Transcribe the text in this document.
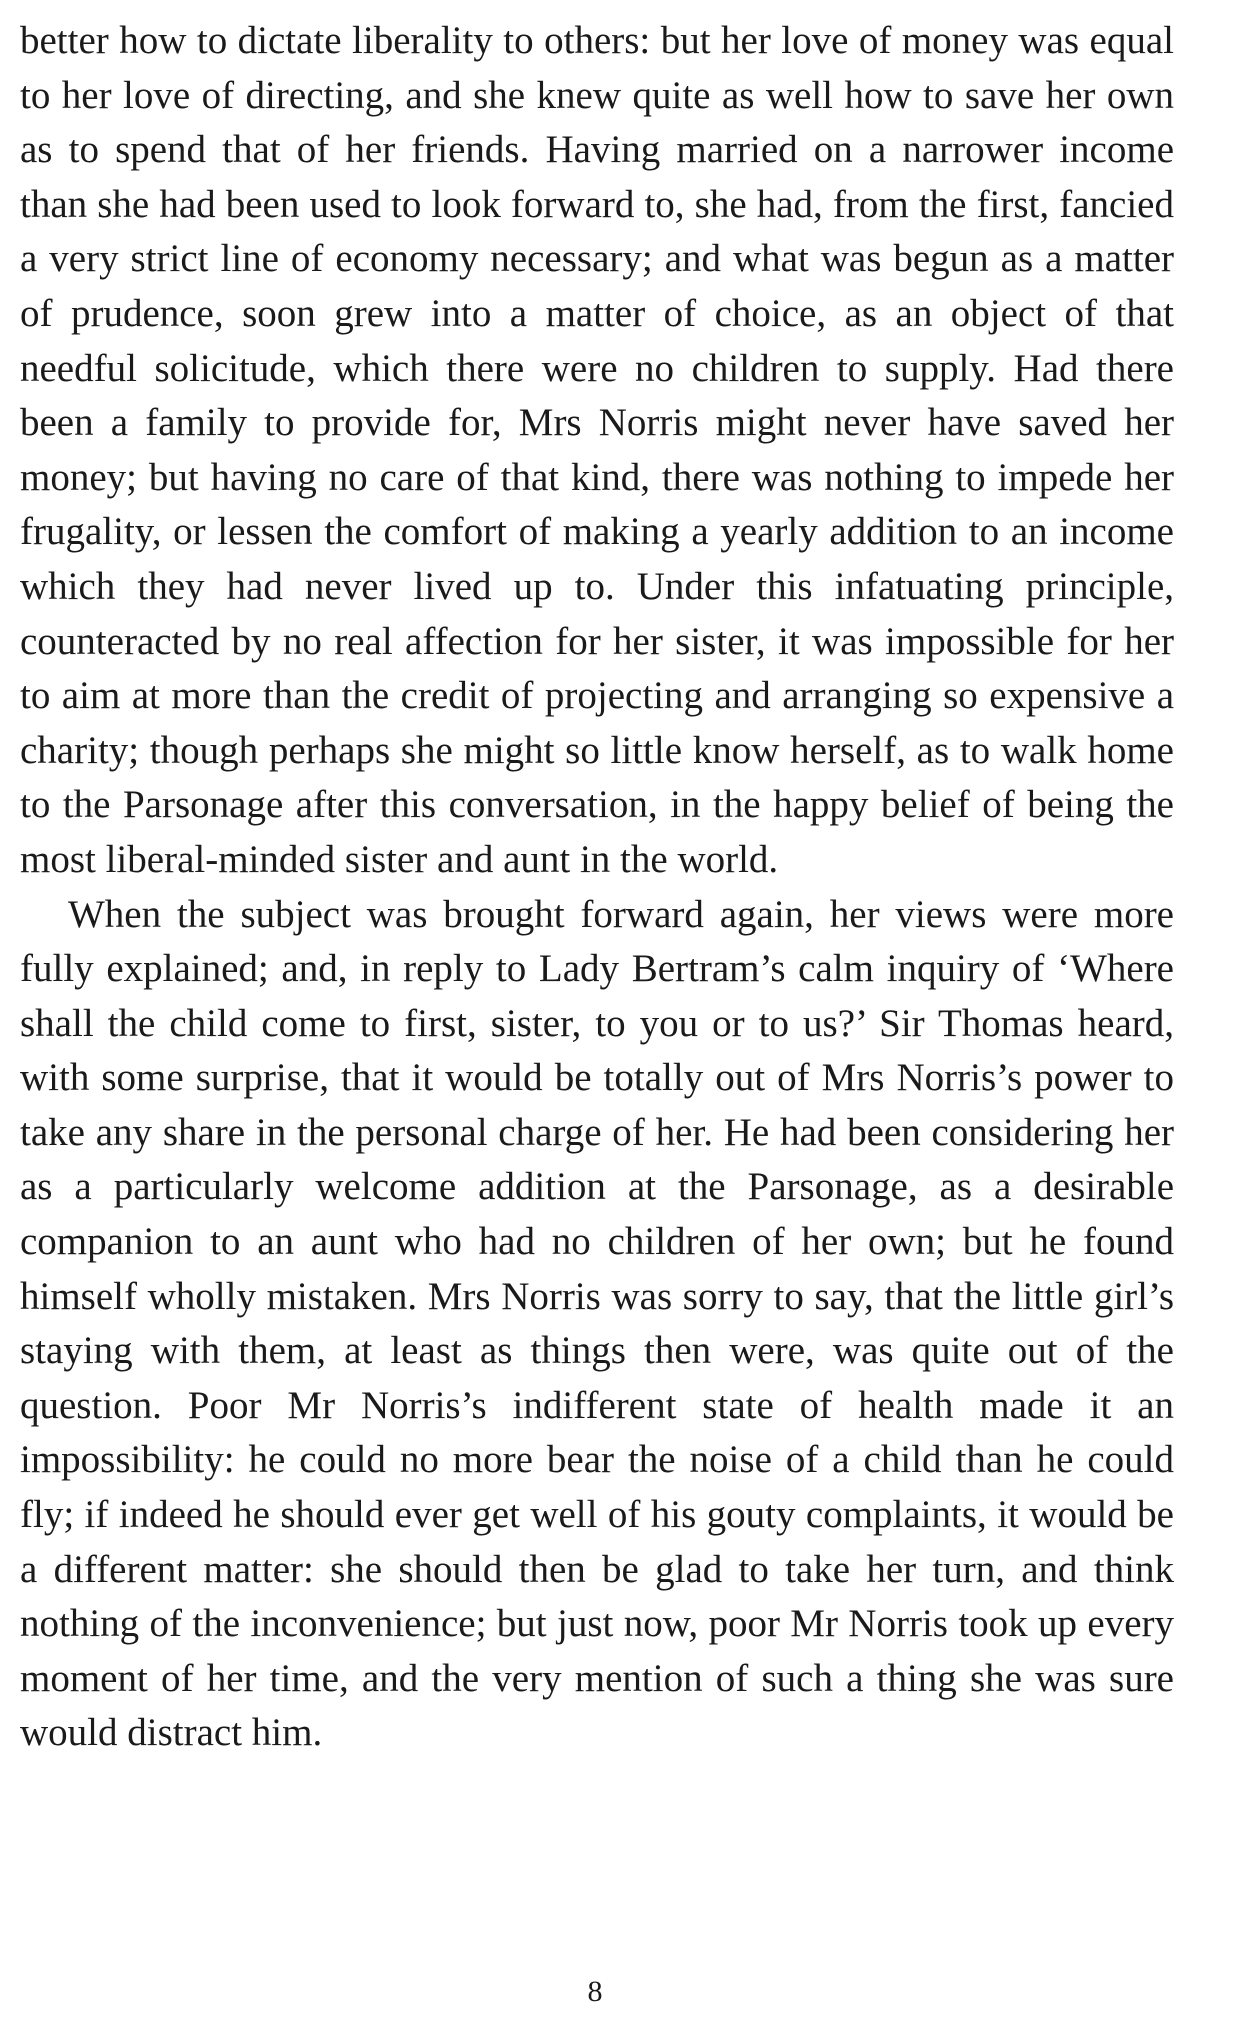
better how to dictate liberality to others: but her love of money was equal to her love of directing, and she knew quite as well how to save her own as to spend that of her friends. Having married on a narrower income than she had been used to look forward to, she had, from the first, fancied a very strict line of economy necessary; and what was begun as a matter of prudence, soon grew into a matter of choice, as an object of that needful solicitude, which there were no children to supply. Had there been a family to provide for, Mrs Norris might never have saved her money; but having no care of that kind, there was nothing to impede her frugality, or lessen the comfort of making a yearly addition to an income which they had never lived up to. Under this infatuating principle, counteracted by no real affection for her sister, it was impossible for her to aim at more than the credit of projecting and arranging so expensive a charity; though perhaps she might so little know herself, as to walk home to the Parsonage after this conversation, in the happy belief of being the most liberal-minded sister and aunt in the world.

When the subject was brought forward again, her views were more fully explained; and, in reply to Lady Bertram’s calm inquiry of ‘Where shall the child come to first, sister, to you or to us?’ Sir Thomas heard, with some surprise, that it would be totally out of Mrs Norris’s power to take any share in the personal charge of her. He had been considering her as a particularly welcome addition at the Parsonage, as a desirable companion to an aunt who had no children of her own; but he found himself wholly mistaken. Mrs Norris was sorry to say, that the little girl’s staying with them, at least as things then were, was quite out of the question. Poor Mr Norris’s indifferent state of health made it an impossibility: he could no more bear the noise of a child than he could fly; if indeed he should ever get well of his gouty complaints, it would be a different matter: she should then be glad to take her turn, and think nothing of the inconvenience; but just now, poor Mr Norris took up every moment of her time, and the very mention of such a thing she was sure would distract him.

8
